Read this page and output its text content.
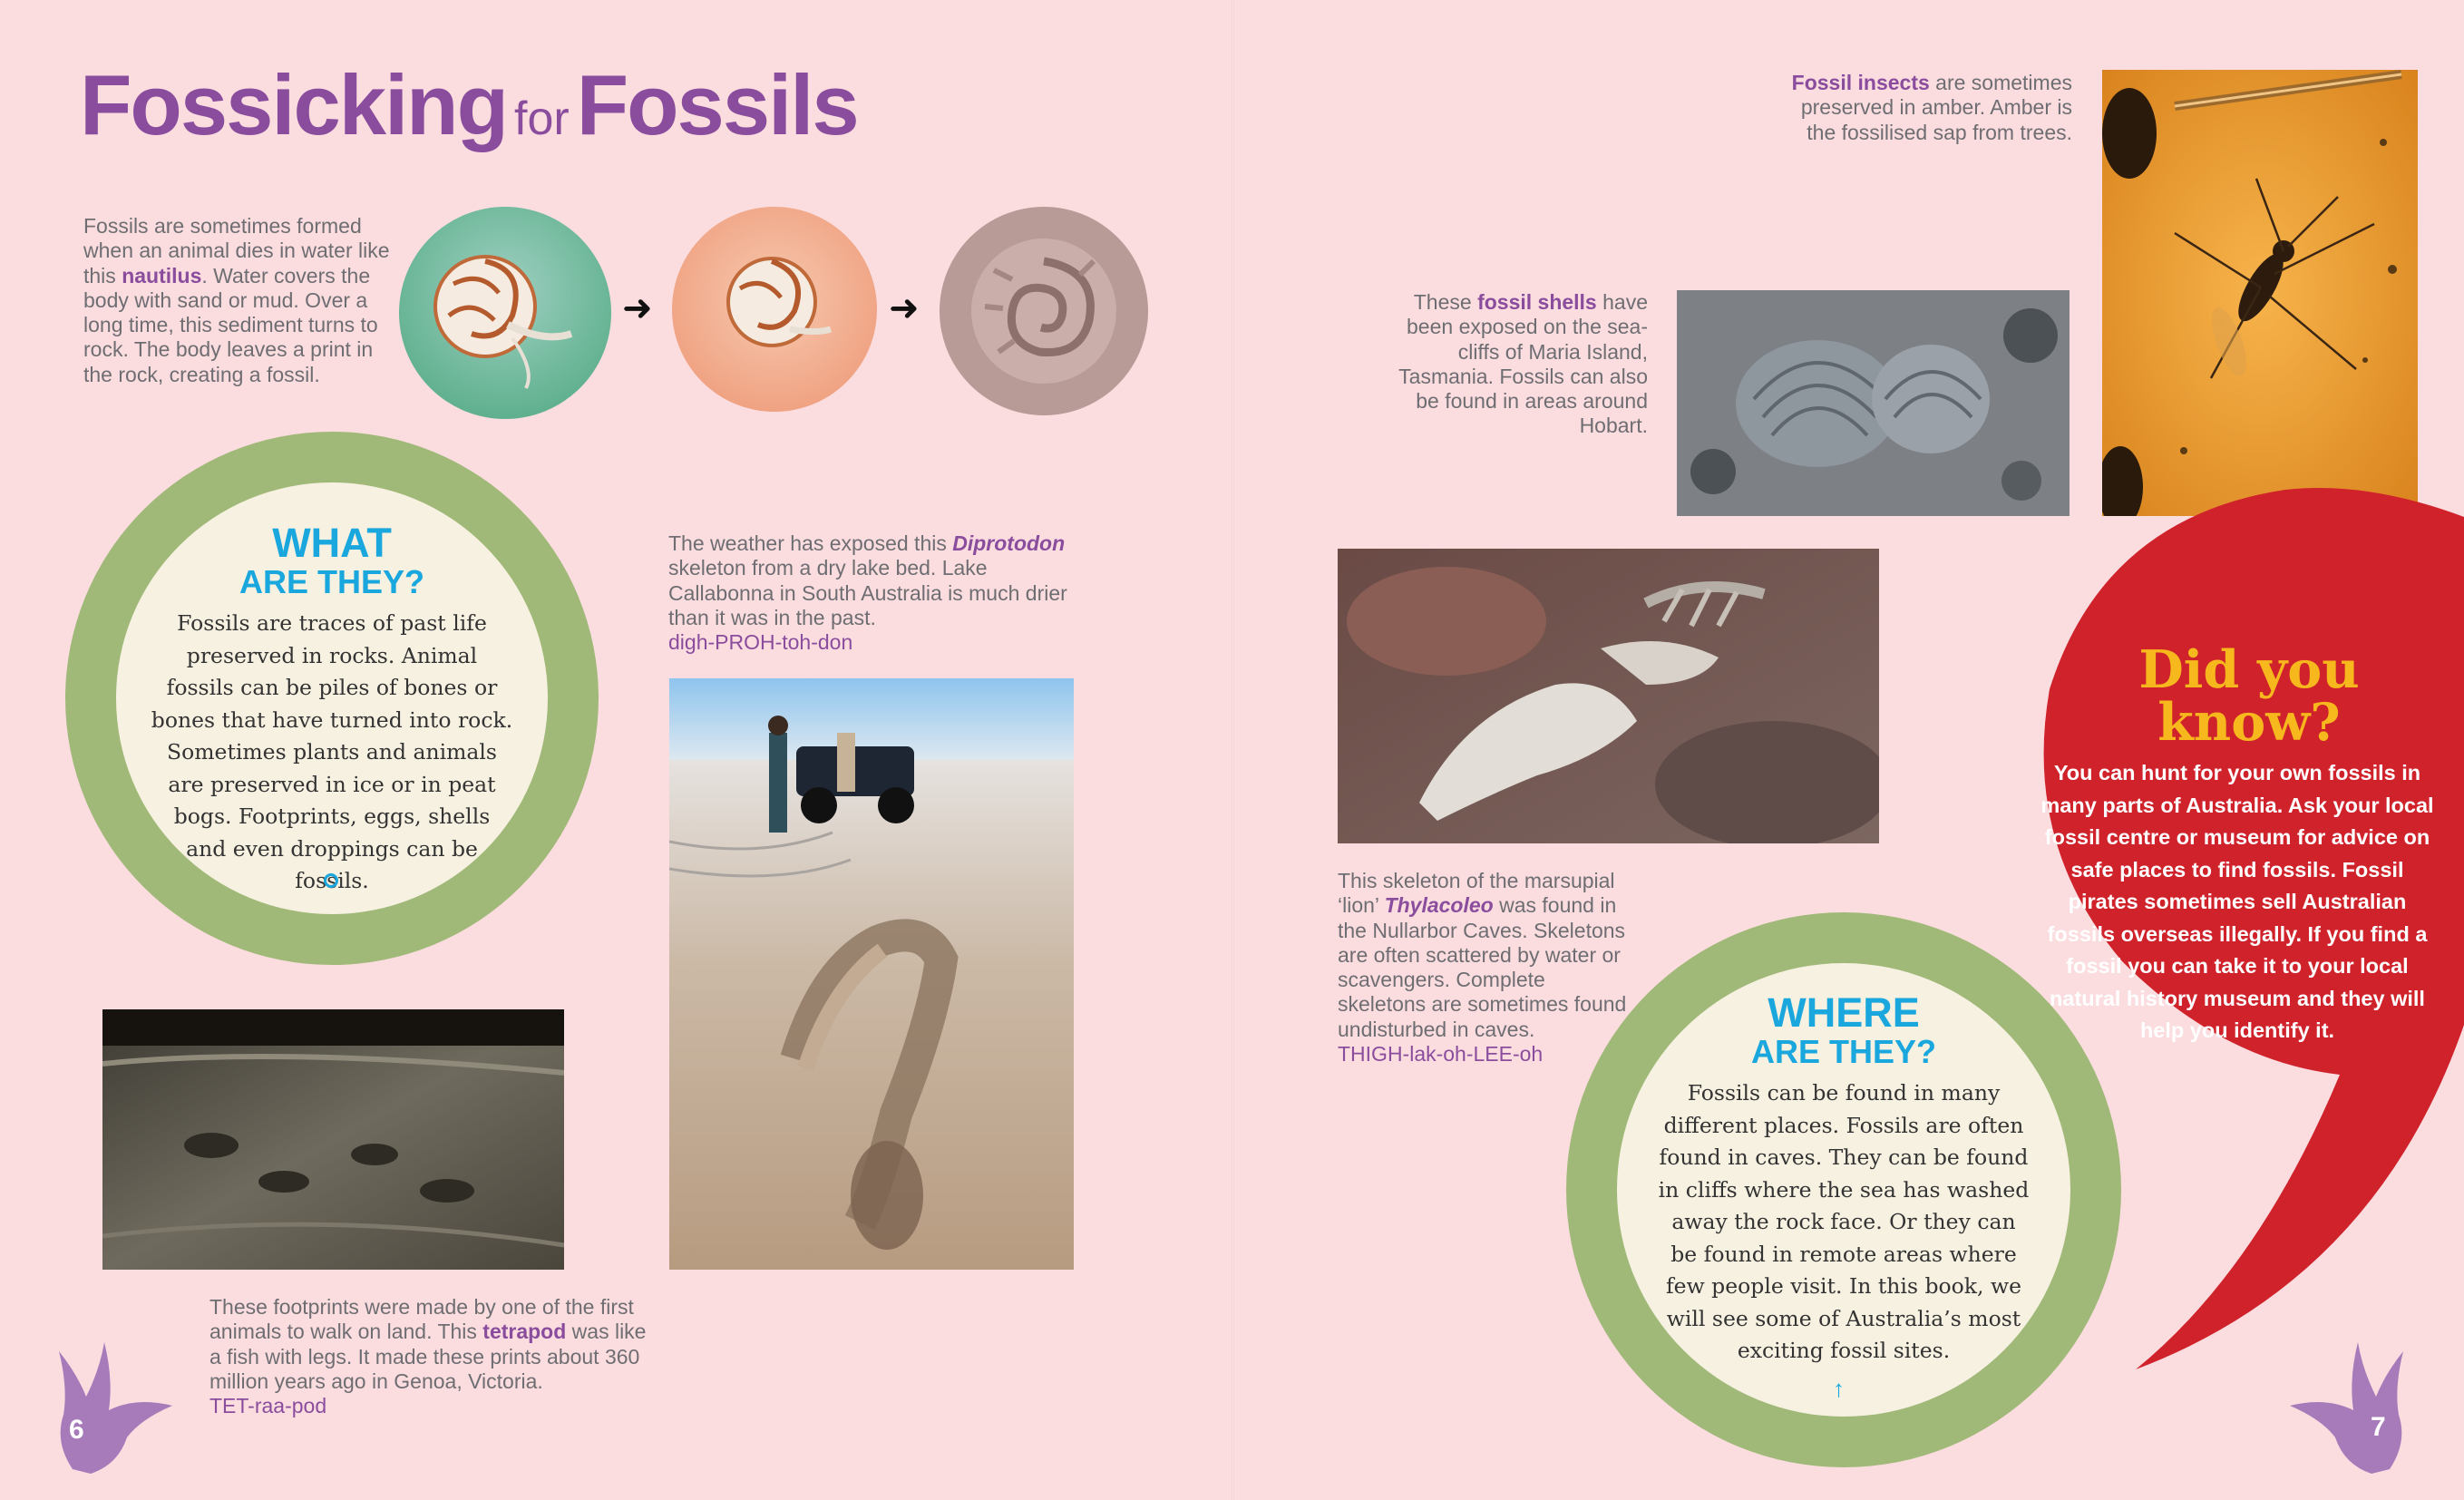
Fossicking forFossils
Fossils are sometimes formed when an animal dies in water like this nautilus. Water covers the body with sand or mud. Over a long time, this sediment turns to rock. The body leaves a print in the rock, creating a fossil.
➜	➜
WHAT
ARE THEY?
Fossils are traces of past life preserved in rocks. Animal fossils can be piles of bones or bones that have turned into rock. Sometimes plants and animals are preserved in ice or in peat bogs. Footprints, eggs, shells and even droppings can be fossils.
The weather has exposed this Diprotodon skeleton from a dry lake bed. Lake Callabonna in South Australia is much drier than it was in the past.
digh-PROH-toh-don
These footprints were made by one of the first animals to walk on land. This tetrapod was like a fish with legs. It made these prints about 360 million years ago in Genoa, Victoria.
TET-raa-pod
6
Fossil insects are sometimes preserved in amber. Amber is the fossilised sap from trees.
These fossil shells have been exposed on the sea-cliffs of Maria Island, Tasmania. Fossils can also be found in areas around Hobart.
This skeleton of the marsupial ‘lion’ Thylacoleo was found in the Nullarbor Caves. Skeletons are often scattered by water or scavengers. Complete skeletons are sometimes found undisturbed in caves.
THIGH-lak-oh-LEE-oh
WHERE
ARE THEY?
Fossils can be found in many different places. Fossils are often found in caves. They can be found in cliffs where the sea has washed away the rock face. Or they can be found in remote areas where few people visit. In this book, we will see some of Australia’s most exciting fossil sites.
↑
Did you
know?
You can hunt for your own fossils in many parts of Australia. Ask your local fossil centre or museum for advice on safe places to find fossils. Fossil pirates sometimes sell Australian fossils overseas illegally. If you find a fossil you can take it to your local natural history museum and they will help you identify it.
7
